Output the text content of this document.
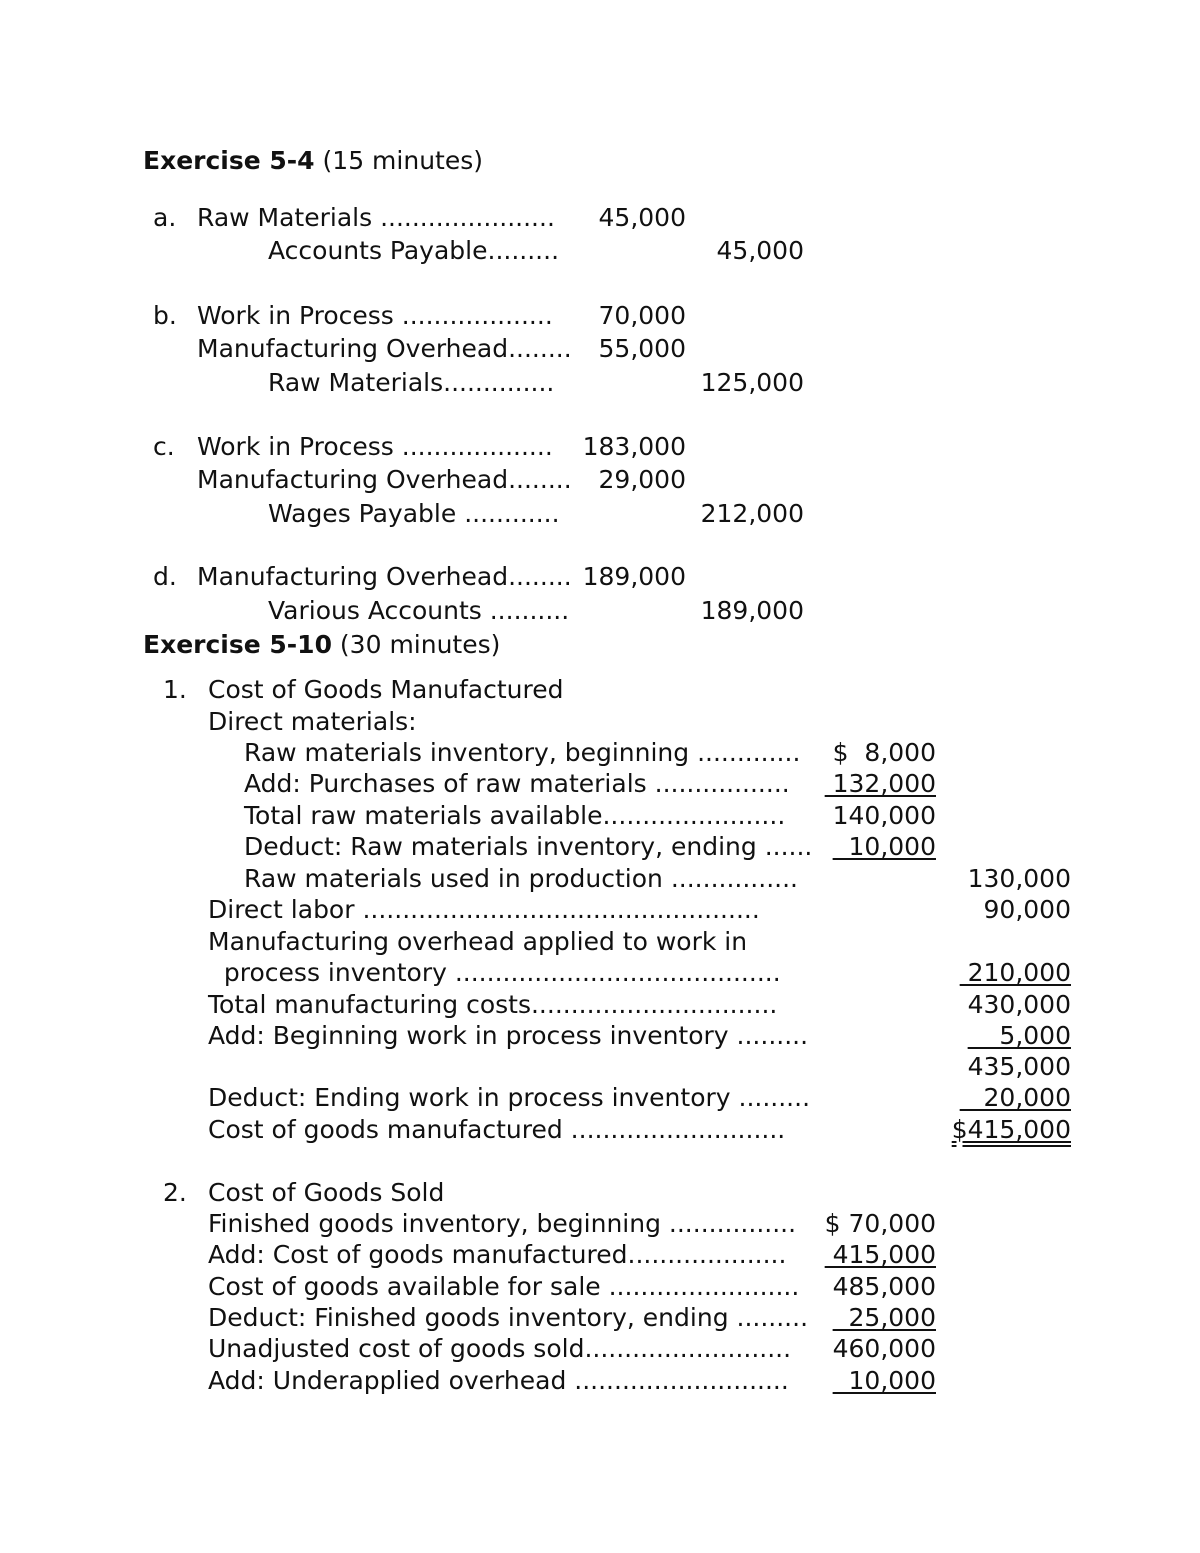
Exercise 5-4 (15 minutes)
a. Raw Materials ......................	45,000
Accounts Payable.........	45,000
b. Work in Process ...................	70,000
Manufacturing Overhead........	55,000
Raw Materials..............	125,000
c. Work in Process ...................	183,000
Manufacturing Overhead........	29,000
Wages Payable ............	212,000
d. Manufacturing Overhead........ 189,000
Various Accounts ..........	189,000
Exercise 5-10 (30 minutes)
1. Cost of Goods Manufactured
Direct materials:
Raw materials inventory, beginning .............	$  8,000
Add: Purchases of raw materials .................	132,000
Total raw materials available.......................	140,000
Deduct: Raw materials inventory, ending ...... 10,000
Raw materials used in production ................	130,000
Direct labor ..................................................	90,000
Manufacturing overhead applied to work in
process inventory .........................................	210,000
Total manufacturing costs...............................	430,000
Add: Beginning work in process inventory .........	5,000
435,000
Deduct: Ending work in process inventory .........	20,000
Cost of goods manufactured ...........................	$415,000
2. Cost of Goods Sold
Finished goods inventory, beginning ................	$ 70,000
Add: Cost of goods manufactured....................	415,000
Cost of goods available for sale ........................	485,000
Deduct: Finished goods inventory, ending ......... 25,000
Unadjusted cost of goods sold..........................	460,000
Add: Underapplied overhead ...........................	10,000
